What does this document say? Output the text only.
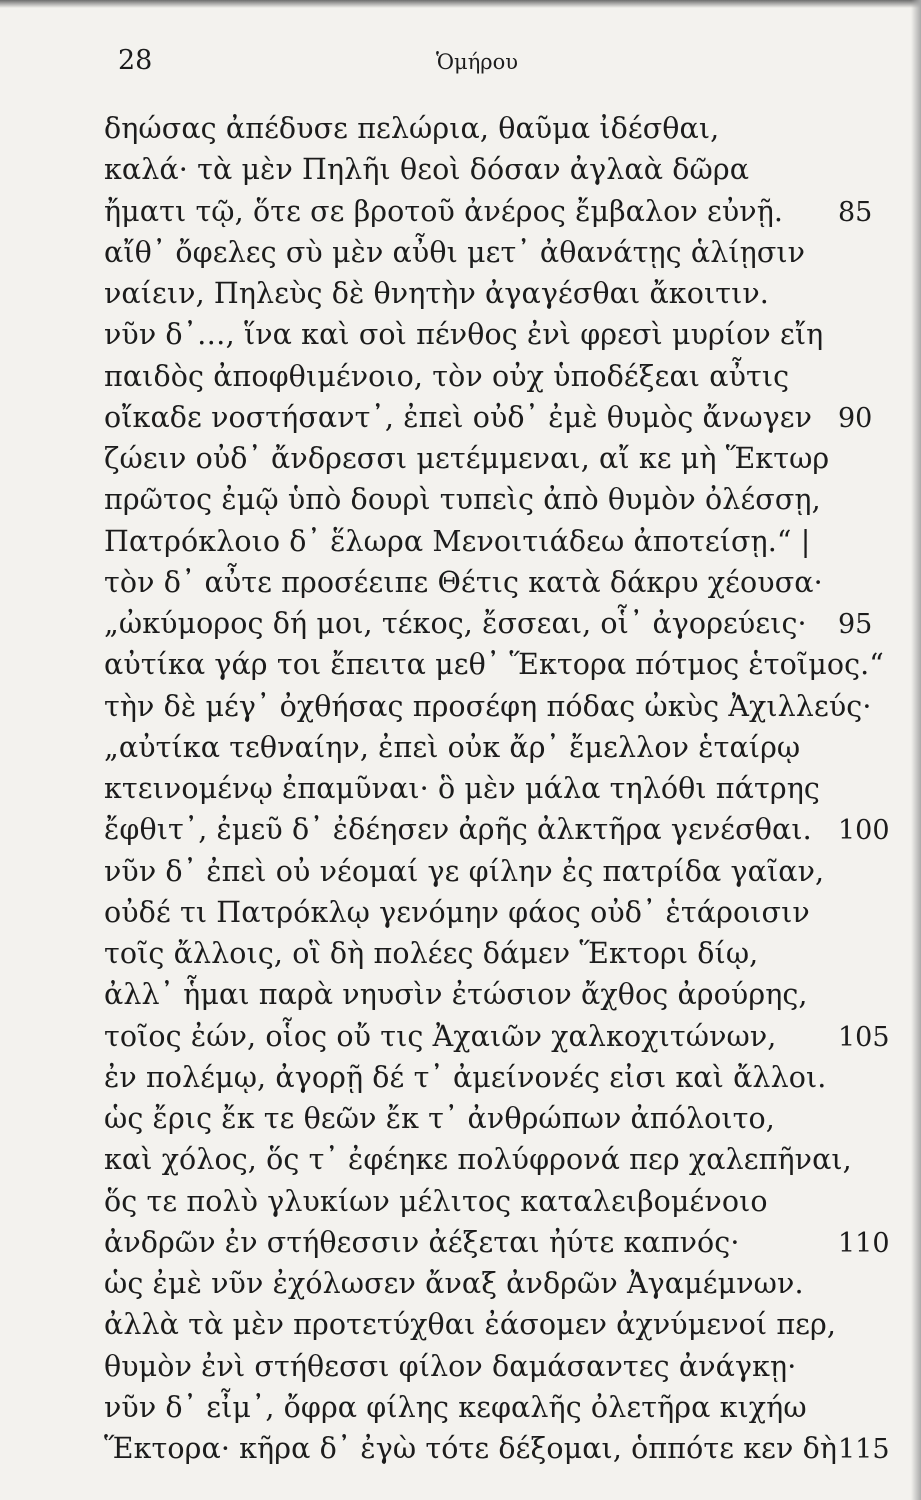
28	Ὁμήρου
δηώσας ἀπέδυσε πελώρια, θαῦμα ἰδέσθαι,
καλά· τὰ μὲν Πηλῆι θεοὶ δόσαν ἀγλαὰ δῶρα
ἤματι τῷ, ὅτε σε βροτοῦ ἀνέρος ἔμβαλον εὐνῇ.	85
αἴθ᾽ ὄφελες σὺ μὲν αὖθι μετ᾽ ἀθανάτῃς ἁλίῃσιν
ναίειν, Πηλεὺς δὲ θνητὴν ἀγαγέσθαι ἄκοιτιν.
νῦν δ᾽…, ἵνα καὶ σοὶ πένθος ἐνὶ φρεσὶ μυρίον εἴη
παιδὸς ἀποφθιμένοιο, τὸν οὐχ ὑποδέξεαι αὖτις
οἴκαδε νοστήσαντ᾽, ἐπεὶ οὐδ᾽ ἐμὲ θυμὸς ἄνωγεν 90
ζώειν οὐδ᾽ ἄνδρεσσι μετέμμεναι, αἴ κε μὴ Ἕκτωρ
πρῶτος ἐμῷ ὑπὸ δουρὶ τυπεὶς ἀπὸ θυμὸν ὀλέσσῃ,
Πατρόκλοιο δ᾽ ἕλωρα Μενοιτιάδεω ἀποτείσῃ.“ |
τὸν δ᾽ αὖτε προσέειπε Θέτις κατὰ δάκρυ χέουσα·
„ὠκύμορος δή μοι, τέκος, ἔσσεαι, οἷ᾽ ἀγορεύεις·	95
αὐτίκα γάρ τοι ἔπειτα μεθ᾽ Ἕκτορα πότμος ἑτοῖμος.“
τὴν δὲ μέγ᾽ ὀχθήσας προσέφη πόδας ὠκὺς Ἀχιλλεύς·
„αὐτίκα τεθναίην, ἐπεὶ οὐκ ἄρ᾽ ἔμελλον ἑταίρῳ
κτεινομένῳ ἐπαμῦναι· ὃ μὲν μάλα τηλόθι πάτρης
ἔφθιτ᾽, ἐμεῦ δ᾽ ἐδέησεν ἀρῆς ἀλκτῆρα γενέσθαι. 100
νῦν δ᾽ ἐπεὶ οὐ νέομαί γε φίλην ἐς πατρίδα γαῖαν,
οὐδέ τι Πατρόκλῳ γενόμην φάος οὐδ᾽ ἑτάροισιν
τοῖς ἄλλοις, οἳ δὴ πολέες δάμεν Ἕκτορι δίῳ,
ἀλλ᾽ ἧμαι παρὰ νηυσὶν ἐτώσιον ἄχθος ἀρούρης,
τοῖος ἐών, οἷος οὔ τις Ἀχαιῶν χαλκοχιτώνων,	105
ἐν πολέμῳ, ἀγορῇ δέ τ᾽ ἀμείνονές εἰσι καὶ ἄλλοι.
ὡς ἔρις ἔκ τε θεῶν ἔκ τ᾽ ἀνθρώπων ἀπόλοιτο,
καὶ χόλος, ὅς τ᾽ ἐφέηκε πολύφρονά περ χαλεπῆναι,
ὅς τε πολὺ γλυκίων μέλιτος καταλειβομένοιο
ἀνδρῶν ἐν στήθεσσιν ἀέξεται ἠύτε καπνός·	110
ὡς ἐμὲ νῦν ἐχόλωσεν ἄναξ ἀνδρῶν Ἀγαμέμνων.
ἀλλὰ τὰ μὲν προτετύχθαι ἐάσομεν ἀχνύμενοί περ,
θυμὸν ἐνὶ στήθεσσι φίλον δαμάσαντες ἀνάγκῃ·
νῦν δ᾽ εἶμ᾽, ὄφρα φίλης κεφαλῆς ὀλετῆρα κιχήω
Ἕκτορα· κῆρα δ᾽ ἐγὼ τότε δέξομαι, ὁππότε κεν δὴ 115
